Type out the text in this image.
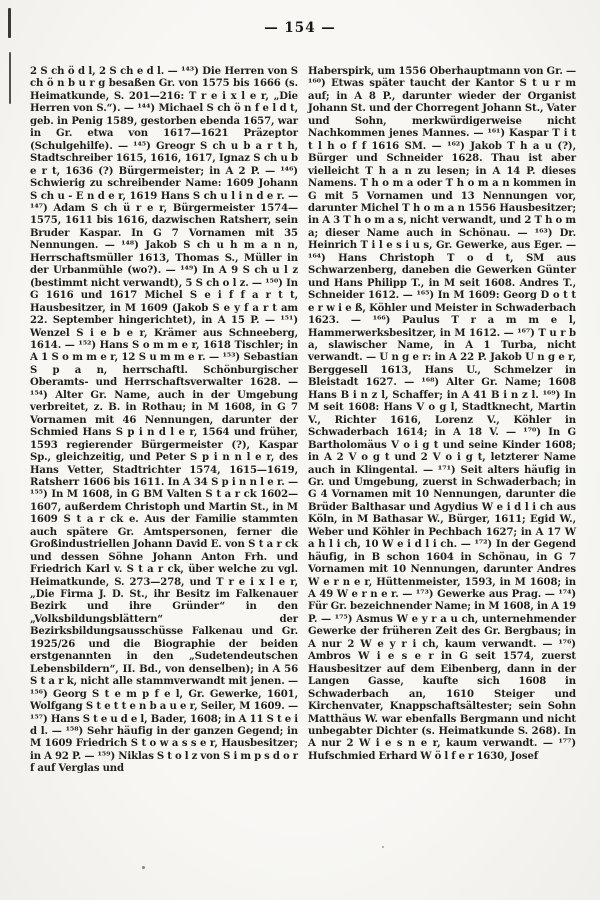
— 154 —
2 S ch ö d l, 2 S ch e d l. — ¹⁴³) Die Herren von S ch ö n b u r g besaßen Gr. von 1575 bis 1666 (s. Heimatkunde, S. 201—216: T r e i x l e r, „Die Herren von S.“). — ¹⁴⁴) Michael S ch ö n f e l d t, geb. in Penig 1589, gestorben ebenda 1657, war in Gr. etwa von 1617—1621 Präzeptor (Schulgehilfe). — ¹⁴⁵) Greogr S ch u b a r t h, Stadtschreiber 1615, 1616, 1617, Ignaz S ch u b e r t, 1636 (?) Bürgermeister; in A 2 P. — ¹⁴⁶) Schwierig zu schreibender Name: 1609 Johann S ch u - E n d e r, 1619 Hans S ch u l i n d e r. — ¹⁴⁷) Adam S ch ü r e r, Bürgermeister 1574—1575, 1611 bis 1616, dazwischen Ratsherr, sein Bruder Kaspar. In G 7 Vornamen mit 35 Nennungen. — ¹⁴⁸) Jakob S ch u h m a n n, Herrschaftsmüller 1613, Thomas S., Müller in der Urbanmühle (wo?). — ¹⁴⁹) In A 9 S ch u l z (bestimmt nicht verwandt), 5 S ch o l z. — ¹⁵⁰) In G 1616 und 1617 Michel S e i f f a r t t, Hausbesitzer, in M 1609 (Jakob S e y f a r t am 22. September hingerichtet), in A 15 P. — ¹⁵¹) Wenzel S i e b e r, Krämer aus Schneeberg, 1614. — ¹⁵²) Hans S o m m e r, 1618 Tischler; in A 1 S o m m e r, 12 S u m m e r. — ¹⁵³) Sebastian S p a n, herrschaftl. Schönburgischer Oberamts- und Herrschaftsverwalter 1628. — ¹⁵⁴) Alter Gr. Name, auch in der Umgebung verbreitet, z. B. in Rothau; in M 1608, in G 7 Vornamen mit 46 Nennungen, darunter der Schmied Hans S p i n d l e r, 1564 und früher, 1593 regierender Bürgermeister (?), Kaspar Sp., gleichzeitig, und Peter S p i n n l e r, des Hans Vetter, Stadtrichter 1574, 1615—1619, Ratsherr 1606 bis 1611. In A 34 S p i n n l e r. — ¹⁵⁵) In M 1608, in G BM Valten S t a r ck 1602—1607, außerdem Christoph und Martin St., in M 1609 S t a r ck e. Aus der Familie stammten auch spätere Gr. Amtspersonen, ferner die Großindustriellen Johann David E. von S t a r ck und dessen Söhne Johann Anton Frh. und Friedrich Karl v. S t a r ck, über welche zu vgl. Heimatkunde, S. 273—278, und T r e i x l e r, „Die Firma J. D. St., ihr Besitz im Falkenauer Bezirk und ihre Gründer“ in den „Volksbildungsblättern“ der Bezirksbildungsausschüsse Falkenau und Gr. 1925/26 und die Biographie der beiden erstgenannten in den „Sudetendeutschen Lebensbildern“, II. Bd., von denselben); in A 56 S t a r k, nicht alle stammverwandt mit jenen. — ¹⁵⁶) Georg S t e m p f e l, Gr. Gewerke, 1601, Wolfgang S t e t t e n b a u e r, Seiler, M 1609. — ¹⁵⁷) Hans S t e u d e l, Bader, 1608; in A 11 S t e i d l. — ¹⁵⁸) Sehr häufig in der ganzen Gegend; in M 1609 Friedrich S t o w a s s e r, Hausbesitzer; in A 92 P. — ¹⁵⁹) Niklas S t o l z von S i m p s d o r f auf Verglas und
Haberspirk, um 1556 Oberhauptmann von Gr. — ¹⁶⁰) Etwas später taucht der Kantor S t u r m auf; in A 8 P., darunter wieder der Organist Johann St. und der Chorregent Johann St., Vater und Sohn, merkwürdigerweise nicht Nachkommen jenes Mannes. — ¹⁶¹) Kaspar T i t t l h o f f 1616 SM. — ¹⁶²) Jakob T h a u (?), Bürger und Schneider 1628. Thau ist aber vielleicht T h a n zu lesen; in A 14 P. dieses Namens. T h o m a oder T h o m a n kommen in G mit 5 Vornamen und 13 Nennungen vor, darunter Michel T h o m a n 1556 Hausbesitzer; in A 3 T h o m a s, nicht verwandt, und 2 T h o m a; dieser Name auch in Schönau. — ¹⁶³) Dr. Heinrich T i l e s i u s, Gr. Gewerke, aus Eger. — ¹⁶⁴) Hans Christoph T o d t, SM aus Schwarzenberg, daneben die Gewerken Günter und Hans Philipp T., in M seit 1608. Andres T., Schneider 1612. — ¹⁶⁵) In M 1609: Georg D o t t e r w i e ß, Köhler und Meister in Schwaderbach 1623. — ¹⁶⁶) Paulus T r a m m e l, Hammerwerksbesitzer, in M 1612. — ¹⁶⁷) T u r b a, slawischer Name, in A 1 Turba, nicht verwandt. — U n g e r: in A 22 P. Jakob U n g e r, Berggesell 1613, Hans U., Schmelzer in Bleistadt 1627. — ¹⁶⁸) Alter Gr. Name; 1608 Hans B i n z l, Schaffer; in A 41 B i n z l. ¹⁶⁹) In M seit 1608: Hans V o g l, Stadtknecht, Martin V., Richter 1616, Lorenz V., Köhler in Schwaderbach 1614; in A 18 V. — ¹⁷⁰) In G Bartholomäus V o i g t und seine Kinder 1608; in A 2 V o g t und 2 V o i g t, letzterer Name auch in Klingental. — ¹⁷¹) Seit alters häufig in Gr. und Umgebung, zuerst in Schwaderbach; in G 4 Vornamen mit 10 Nennungen, darunter die Brüder Balthasar und Agydius W e i d l i ch aus Köln, in M Bathasar W., Bürger, 1611; Egid W., Weber und Köhler in Pechbach 1627; in A 17 W a h l i ch, 10 W e i d l i ch. — ¹⁷²) In der Gegend häufig, in B schon 1604 in Schönau, in G 7 Vornamen mit 10 Nennungen, darunter Andres W e r n e r, Hüttenmeister, 1593, in M 1608; in A 49 W e r n e r. — ¹⁷³) Gewerke aus Prag. — ¹⁷⁴) Für Gr. bezeichnender Name; in M 1608, in A 19 P. — ¹⁷⁵) Asmus W e y r a u ch, unternehmender Gewerke der früheren Zeit des Gr. Bergbaus; in A nur 2 W e y r i ch, kaum verwandt. — ¹⁷⁶) Ambros W i e s e r in G seit 1574, zuerst Hausbesitzer auf dem Eibenberg, dann in der Langen Gasse, kaufte sich 1608 in Schwaderbach an, 1610 Steiger und Kirchenvater, Knappschaftsältester; sein Sohn Matthäus W. war ebenfalls Bergmann und nicht unbegabter Dichter (s. Heimatkunde S. 268). In A nur 2 W i e s n e r, kaum verwandt. — ¹⁷⁷) Hufschmied Erhard W ö l f e r 1630, Josef
